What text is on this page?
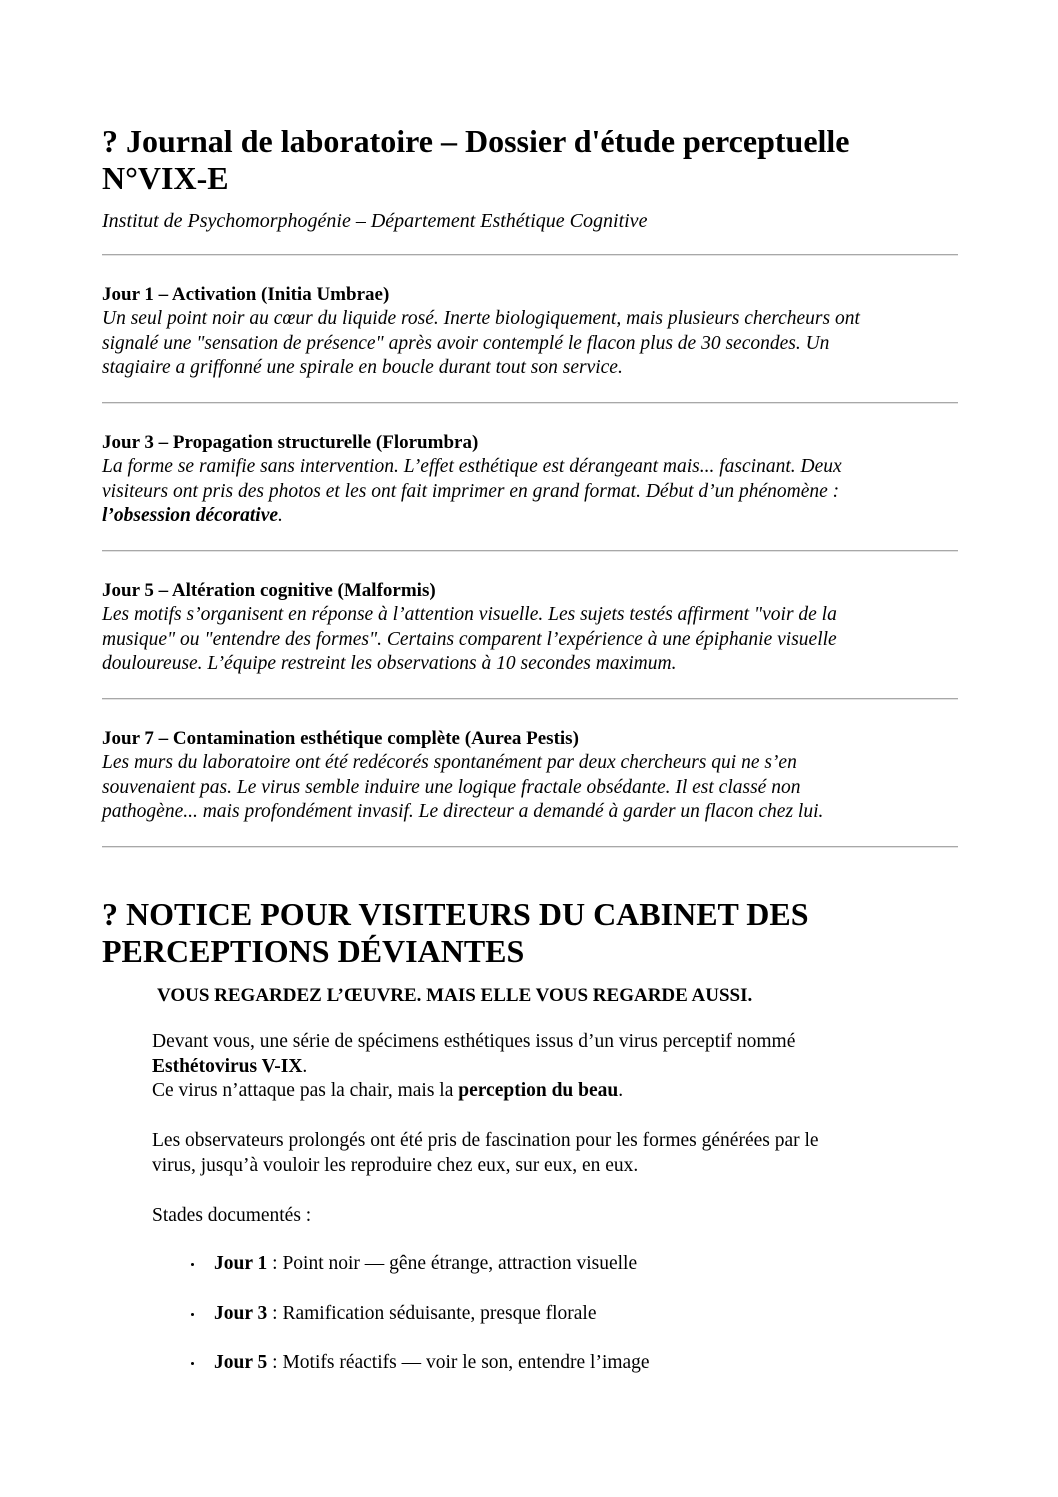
? Journal de laboratoire – Dossier d'étude perceptuelle
N°VIX-E
Institut de Psychomorphogénie – Département Esthétique Cognitive
Jour 1 – Activation (Initia Umbrae)
Un seul point noir au cœur du liquide rosé. Inerte biologiquement, mais plusieurs chercheurs ont
signalé une "sensation de présence" après avoir contemplé le flacon plus de 30 secondes. Un
stagiaire a griffonné une spirale en boucle durant tout son service.
Jour 3 – Propagation structurelle (Florumbra)
La forme se ramifie sans intervention. L’effet esthétique est dérangeant mais... fascinant. Deux
visiteurs ont pris des photos et les ont fait imprimer en grand format. Début d’un phénomène :
l’obsession décorative.
Jour 5 – Altération cognitive (Malformis)
Les motifs s’organisent en réponse à l’attention visuelle. Les sujets testés affirment "voir de la
musique" ou "entendre des formes". Certains comparent l’expérience à une épiphanie visuelle
douloureuse. L’équipe restreint les observations à 10 secondes maximum.
Jour 7 – Contamination esthétique complète (Aurea Pestis)
Les murs du laboratoire ont été redécorés spontanément par deux chercheurs qui ne s’en
souvenaient pas. Le virus semble induire une logique fractale obsédante. Il est classé non
pathogène... mais profondément invasif. Le directeur a demandé à garder un flacon chez lui.
? NOTICE POUR VISITEURS DU CABINET DES
PERCEPTIONS DÉVIANTES
VOUS REGARDEZ L’ŒUVRE. MAIS ELLE VOUS REGARDE AUSSI.
Devant vous, une série de spécimens esthétiques issus d’un virus perceptif nommé
Esthétovirus V-IX.
Ce virus n’attaque pas la chair, mais la perception du beau.
Les observateurs prolongés ont été pris de fascination pour les formes générées par le
virus, jusqu’à vouloir les reproduire chez eux, sur eux, en eux.
Stades documentés :
Jour 1 : Point noir — gêne étrange, attraction visuelle
Jour 3 : Ramification séduisante, presque florale
Jour 5 : Motifs réactifs — voir le son, entendre l’image
